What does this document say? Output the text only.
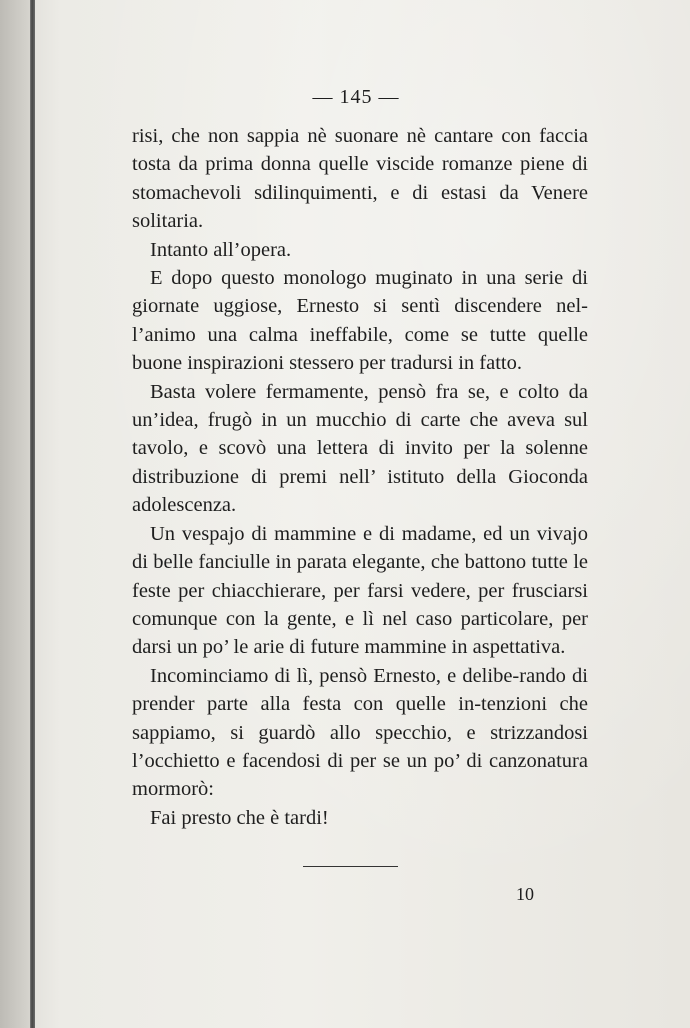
— 145 —

risi, che non sappia nè suonare nè cantare con faccia tosta da prima donna quelle viscide romanze piene di stomachevoli sdilinquimenti, e di estasi da Venere solitaria.

Intanto all’opera.

E dopo questo monologo muginato in una serie di giornate uggiose, Ernesto si sentì discendere nel-l’animo una calma ineffabile, come se tutte quelle buone inspirazioni stessero per tradursi in fatto.

Basta volere fermamente, pensò fra se, e colto da un’idea, frugò in un mucchio di carte che aveva sul tavolo, e scovò una lettera di invito per la solenne distribuzione di premi nell’ istituto della Gioconda adolescenza.

Un vespajo di mammine e di madame, ed un vivajo di belle fanciulle in parata elegante, che battono tutte le feste per chiacchierare, per farsi vedere, per frusciarsi comunque con la gente, e lì nel caso particolare, per darsi un po’ le arie di future mammine in aspettativa.

Incominciamo di lì, pensò Ernesto, e delibe-rando di prender parte alla festa con quelle in-tenzioni che sappiamo, si guardò allo specchio, e strizzandosi l’occhietto e facendosi di per se un po’ di canzonatura mormorò:

Fai presto che è tardi!

10
